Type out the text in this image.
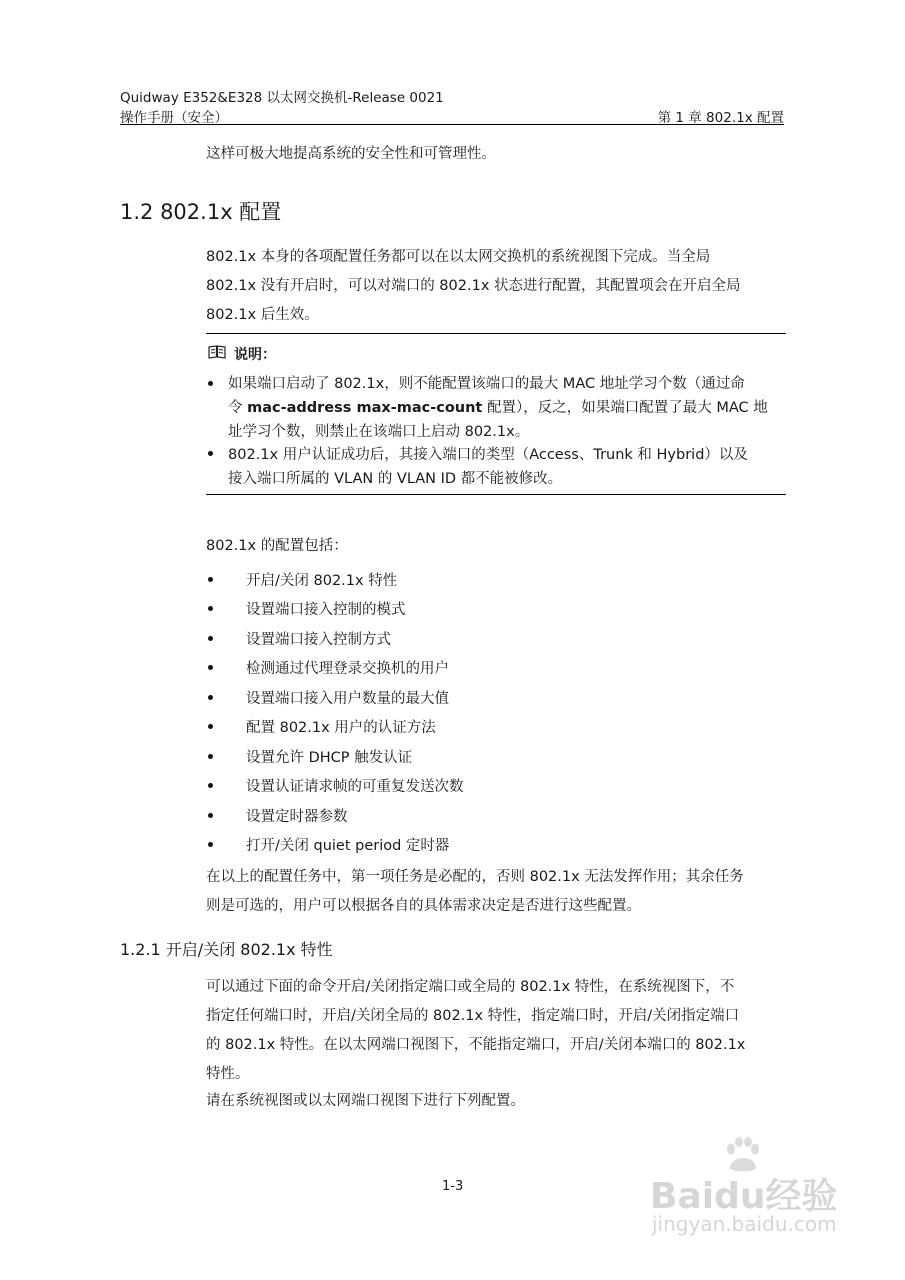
Quidway E352&E328 以太网交换机-Release 0021
操作手册（安全）	第 1 章 802.1x 配置
这样可极大地提高系统的安全性和可管理性。
1.2 802.1x 配置
802.1x 本身的各项配置任务都可以在以太网交换机的系统视图下完成。当全局
802.1x 没有开启时，可以对端口的 802.1x 状态进行配置，其配置项会在开启全局
802.1x 后生效。
说明：
如果端口启动了 802.1x，则不能配置该端口的最大 MAC 地址学习个数（通过命
令 mac-address max-mac-count 配置），反之，如果端口配置了最大 MAC 地
址学习个数，则禁止在该端口上启动 802.1x。
802.1x 用户认证成功后，其接入端口的类型（Access、Trunk 和 Hybrid）以及
接入端口所属的 VLAN 的 VLAN ID 都不能被修改。
802.1x 的配置包括：
开启/关闭 802.1x 特性
设置端口接入控制的模式
设置端口接入控制方式
检测通过代理登录交换机的用户
设置端口接入用户数量的最大值
配置 802.1x 用户的认证方法
设置允许 DHCP 触发认证
设置认证请求帧的可重复发送次数
设置定时器参数
打开/关闭 quiet period 定时器
在以上的配置任务中，第一项任务是必配的，否则 802.1x 无法发挥作用；其余任务
则是可选的，用户可以根据各自的具体需求决定是否进行这些配置。
1.2.1 开启/关闭 802.1x 特性
可以通过下面的命令开启/关闭指定端口或全局的 802.1x 特性，在系统视图下，不
指定任何端口时，开启/关闭全局的 802.1x 特性，指定端口时，开启/关闭指定端口
的 802.1x 特性。在以太网端口视图下，不能指定端口，开启/关闭本端口的 802.1x
特性。
请在系统视图或以太网端口视图下进行下列配置。
1-3	Baidu经验
jingyan.baidu.com
